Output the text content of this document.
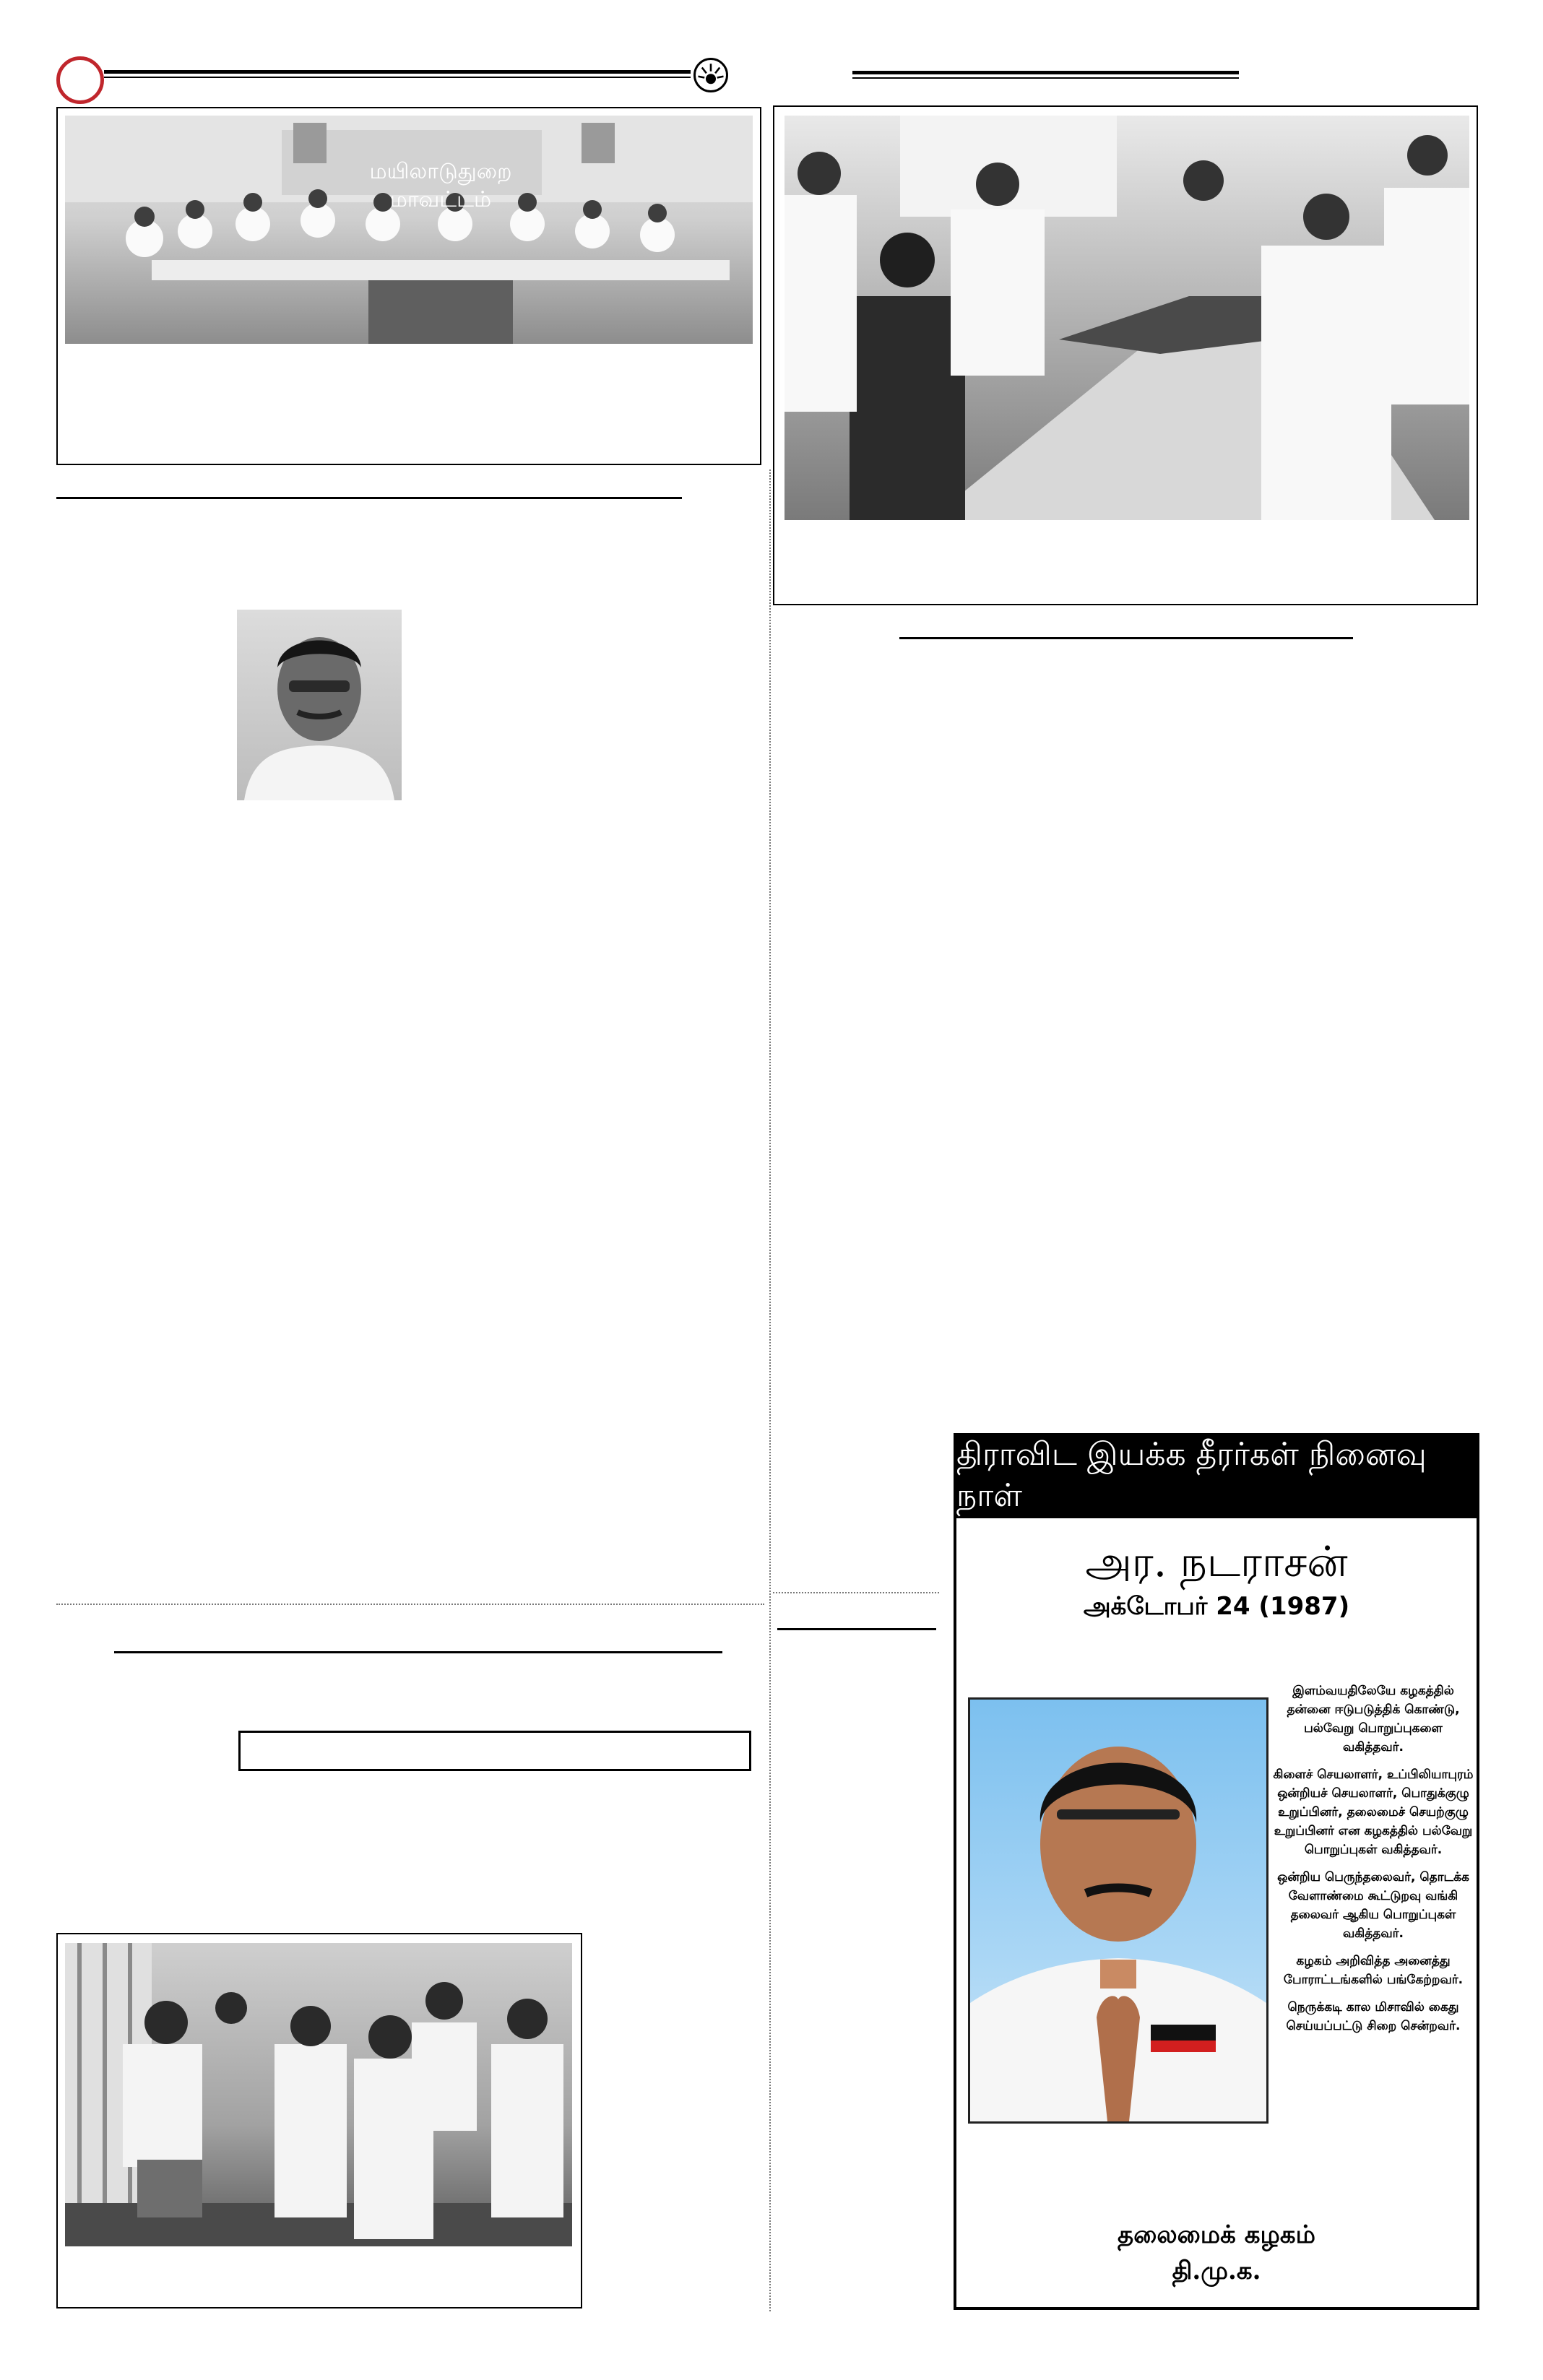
மயிலாடுதுறை மாவட்டம்
திராவிட இயக்க தீரர்கள் நினைவு நாள்
அர. நடராசன்
அக்டோபர் 24 (1987)

இளம்வயதிலேயே கழகத்தில் தன்னை ஈடுபடுத்திக் கொண்டு, பல்வேறு பொறுப்புகளை வகித்தவர்.

கிளைச் செயலாளர், உப்பிலியாபுரம் ஒன்றியச் செயலாளர், பொதுக்குழு உறுப்பினர், தலைமைச் செயற்குழு உறுப்பினர் என கழகத்தில் பல்வேறு பொறுப்புகள் வகித்தவர்.

ஒன்றிய பெருந்தலைவர், தொடக்க வேளாண்மை கூட்டுறவு வங்கி தலைவர் ஆகிய பொறுப்புகள் வகித்தவர்.

கழகம் அறிவித்த அனைத்து போராட்டங்களில் பங்கேற்றவர்.

நெருக்கடி கால மிசாவில் கைது செய்யப்பட்டு சிறை சென்றவர்.

தலைமைக் கழகம்
தி.மு.க.
